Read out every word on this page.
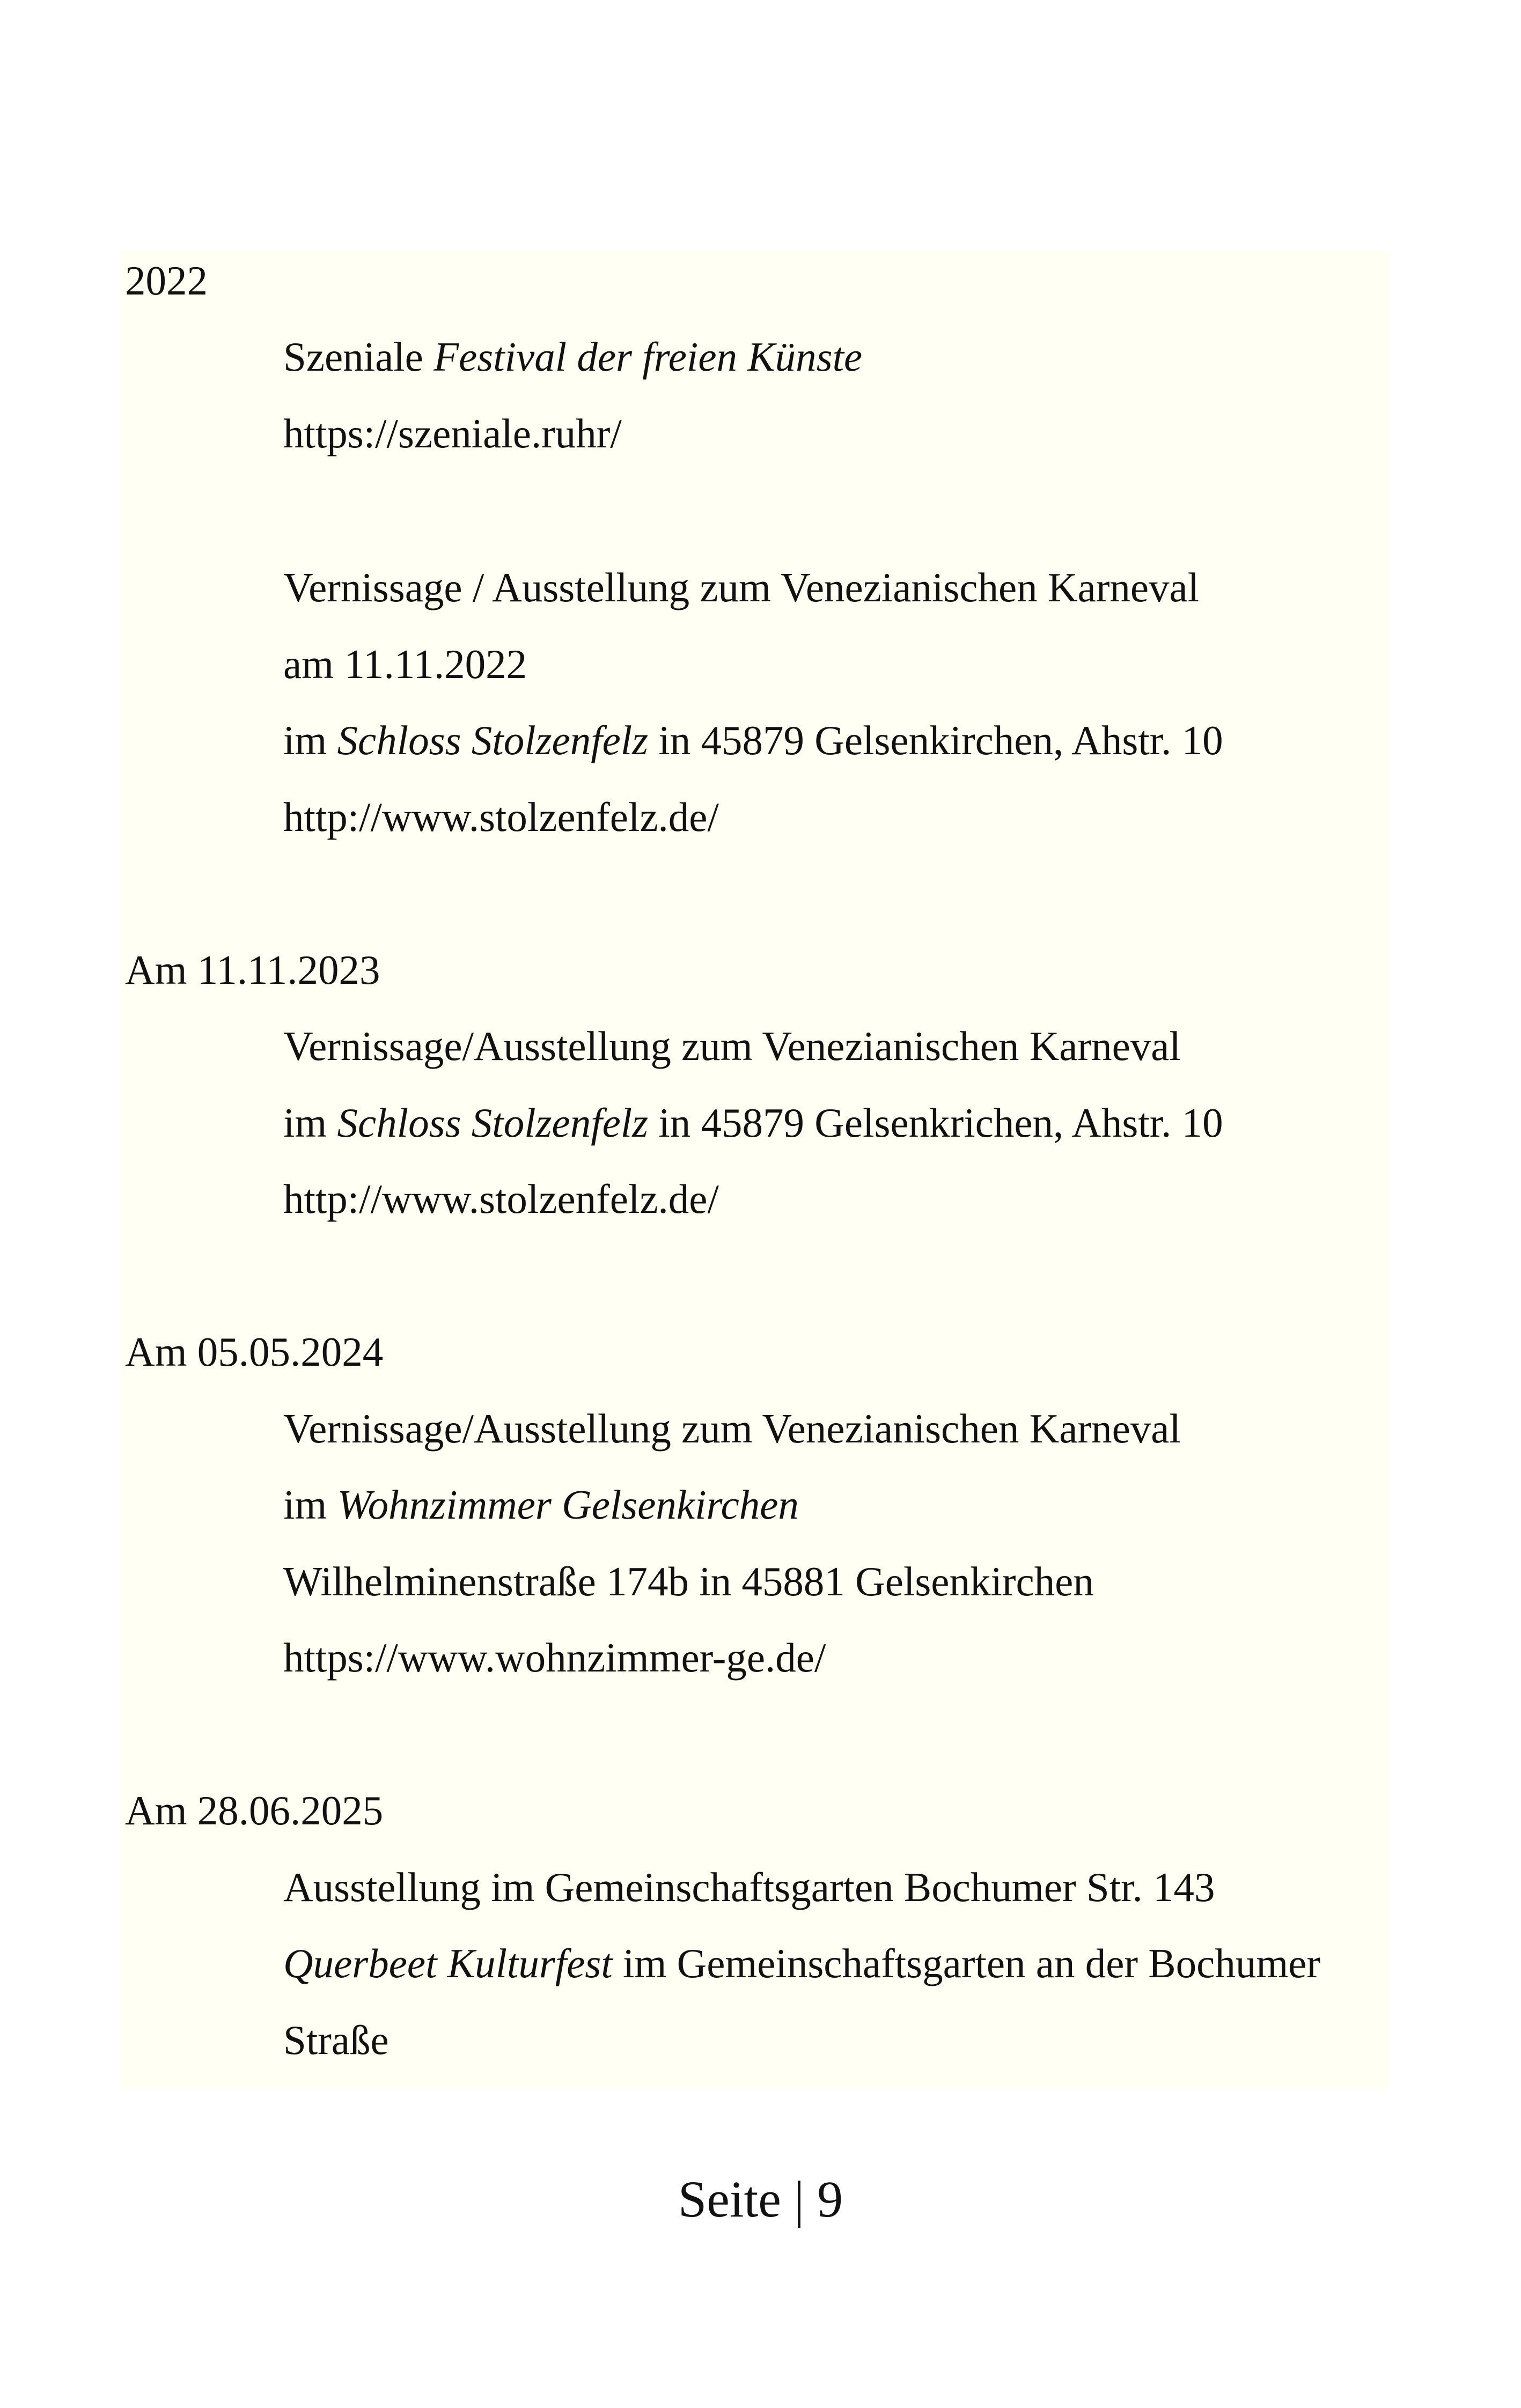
2022
Szeniale Festival der freien Künste
https://szeniale.ruhr/
Vernissage / Ausstellung zum Venezianischen Karneval
am 11.11.2022
im Schloss Stolzenfelz in 45879 Gelsenkirchen, Ahstr. 10
http://www.stolzenfelz.de/
Am 11.11.2023
Vernissage/Ausstellung zum Venezianischen Karneval
im Schloss Stolzenfelz in 45879 Gelsenkrichen, Ahstr. 10
http://www.stolzenfelz.de/
Am 05.05.2024
Vernissage/Ausstellung zum Venezianischen Karneval
im Wohnzimmer Gelsenkirchen
Wilhelminenstraße 174b in 45881 Gelsenkirchen
https://www.wohnzimmer-ge.de/
Am 28.06.2025
Ausstellung im Gemeinschaftsgarten Bochumer Str. 143
Querbeet Kulturfest im Gemeinschaftsgarten an der Bochumer
Straße
Seite | 9
